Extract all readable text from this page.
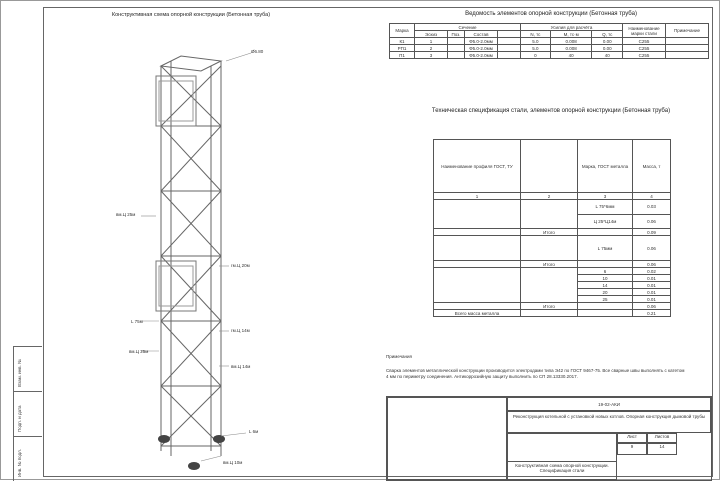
Взам. инв. №
Подп. и дата
Инв. № подл.
Конструктивная схема опорной конструкции (Бетонная труба)
Ø6.80
вм.Ц 25м
гм.Ц 20м
L 75м
вм.Ц 25м
гм.Ц 14м
вм.Ц 14м
L 6м
вм.Ц 10м
Ведомость элементов опорной конструкции (Бетонная труба)
Марка	Сечение				Усилия для расчёта			Наименование марки стали	Примечание
	Эскиз	Поз.	Состав		N, тс	М, тс·м	Q, тс		
К1	1		Ф5.0-2.0мм		5.0	0.008	0.00	С255	
РП1	2		Ф5.0-2.0мм		5.0	0.008	0.00	С255	
П1	3		Ф5.0-2.0мм		0	40	40	С255	
Техническая спецификация стали, элементов опорной конструкции (Бетонная труба)
Наименование профиля ГОСТ, ТУ		Марка, ГОСТ металла	Масса, т
1	2	3	4
		L 75*6мм	0.03
		Ц 25*Ц14м	0.06
	Итого		0.09
		L 75мм	0.06
	Итого		0.06
		6	0.02
		10	0.01
		14	0.01
		20	0.01
		25	0.01
	Итого		0.06
Всего масса металла			0.21
Примечания
Сварка элементов металлической конструкции производится электродами типа Э42 по ГОСТ 9467-75. Все сварные швы выполнять с катетом 4 мм по периметру соединения. Антикоррозийную защиту выполнить по СП 28.13330.2017.
19-02-АКИ
Реконструкция котельной с установкой новых котлов. Опорная конструкция дымовой трубы
Лист	Листов
9	14
Конструктивная схема опорной конструкции. Спецификация стали
